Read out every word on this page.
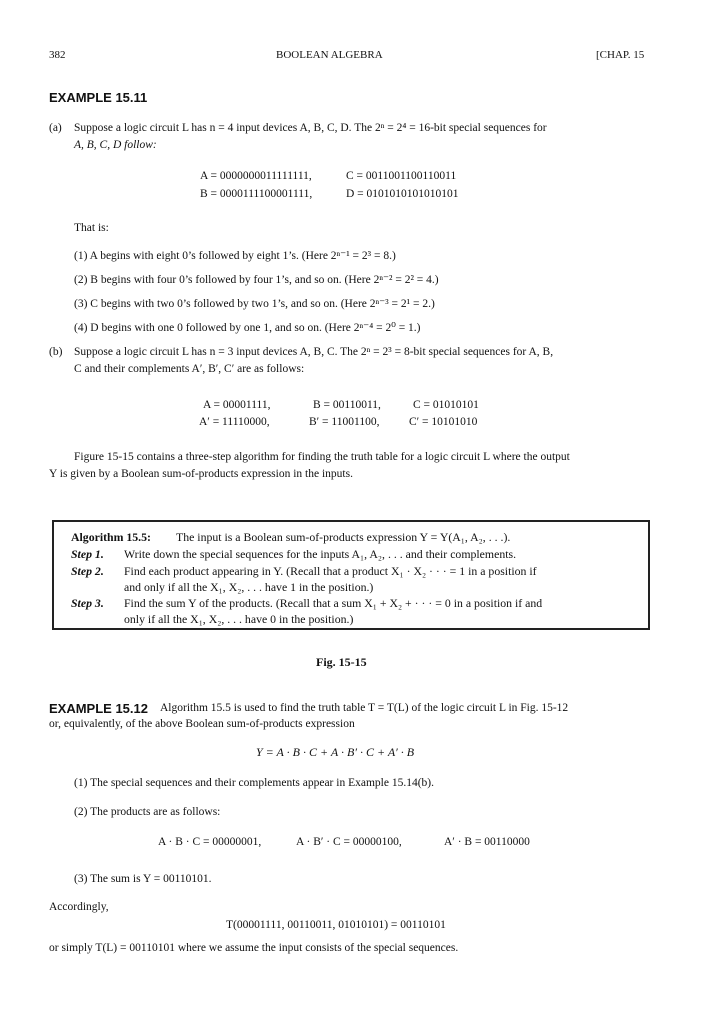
382	BOOLEAN ALGEBRA	[CHAP. 15
EXAMPLE 15.11
(a) Suppose a logic circuit L has n = 4 input devices A, B, C, D. The 2ⁿ = 2⁴ = 16-bit special sequences for
A, B, C, D follow:
A = 0000000011111111,	C = 0011001100110011
B = 0000111100001111,	D = 0101010101010101
That is:
(1) A begins with eight 0’s followed by eight 1’s. (Here 2ⁿ⁻¹ = 2³ = 8.)
(2) B begins with four 0’s followed by four 1’s, and so on. (Here 2ⁿ⁻² = 2² = 4.)
(3) C begins with two 0’s followed by two 1’s, and so on. (Here 2ⁿ⁻³ = 2¹ = 2.)
(4) D begins with one 0 followed by one 1, and so on. (Here 2ⁿ⁻⁴ = 2⁰ = 1.)
(b) Suppose a logic circuit L has n = 3 input devices A, B, C. The 2ⁿ = 2³ = 8-bit special sequences for A, B,
C and their complements A′, B′, C′ are as follows:
A = 00001111,	B = 00110011,	C = 01010101
A′ = 11110000,	B′ = 11001100,	C′ = 10101010
Figure 15-15 contains a three-step algorithm for finding the truth table for a logic circuit L where the output
Y is given by a Boolean sum-of-products expression in the inputs.
Algorithm 15.5: The input is a Boolean sum-of-products expression Y = Y(A₁, A₂, . . .).
Step 1. Write down the special sequences for the inputs A₁, A₂, . . . and their complements.
Step 2. Find each product appearing in Y. (Recall that a product X₁ · X₂ · · · = 1 in a position if
and only if all the X₁, X₂, . . . have 1 in the position.)
Step 3. Find the sum Y of the products. (Recall that a sum X₁ + X₂ + · · · = 0 in a position if and
only if all the X₁, X₂, . . . have 0 in the position.)
Fig. 15-15
EXAMPLE 15.12 Algorithm 15.5 is used to find the truth table T = T(L) of the logic circuit L in Fig. 15-12
or, equivalently, of the above Boolean sum-of-products expression
Y = A · B · C + A · B′ · C + A′ · B
(1) The special sequences and their complements appear in Example 15.14(b).
(2) The products are as follows:
A · B · C = 00000001,	A · B′ · C = 00000100,	A′ · B = 00110000
(3) The sum is Y = 00110101.
Accordingly,
T(00001111, 00110011, 01010101) = 00110101
or simply T(L) = 00110101 where we assume the input consists of the special sequences.
